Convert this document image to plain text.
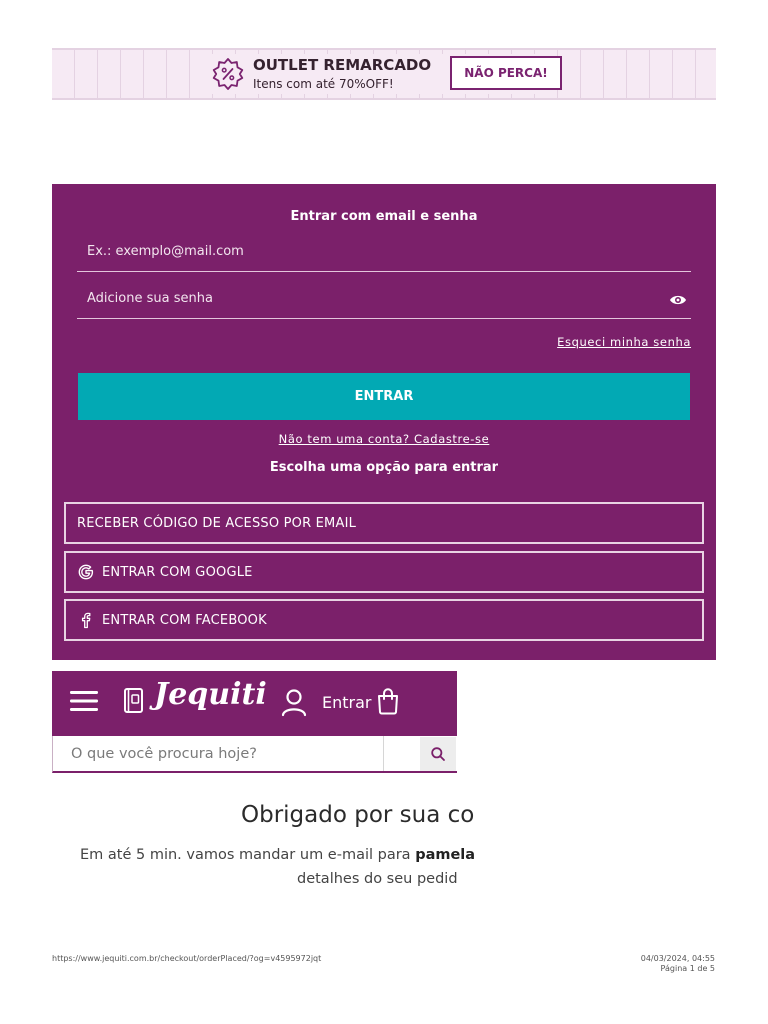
OUTLET REMARCADO
Itens com até 70%OFF!
NÃO PERCA!
Entrar com email e senha
Ex.: exemplo@mail.com
Esqueci minha senha
ENTRAR
Não tem uma conta? Cadastre-se
Escolha uma opção para entrar
RECEBER CÓDIGO DE ACESSO POR EMAIL
ENTRAR COM GOOGLE
ENTRAR COM FACEBOOK
Jequiti	Entrar
O que você procura hoje?
Obrigado por sua co
Em até 5 min. vamos mandar um e-mail para pamela
detalhes do seu pedid
https://www.jequiti.com.br/checkout/orderPlaced/?og=v4595972jqt	04/03/2024, 04:55
Página 1 de 5
